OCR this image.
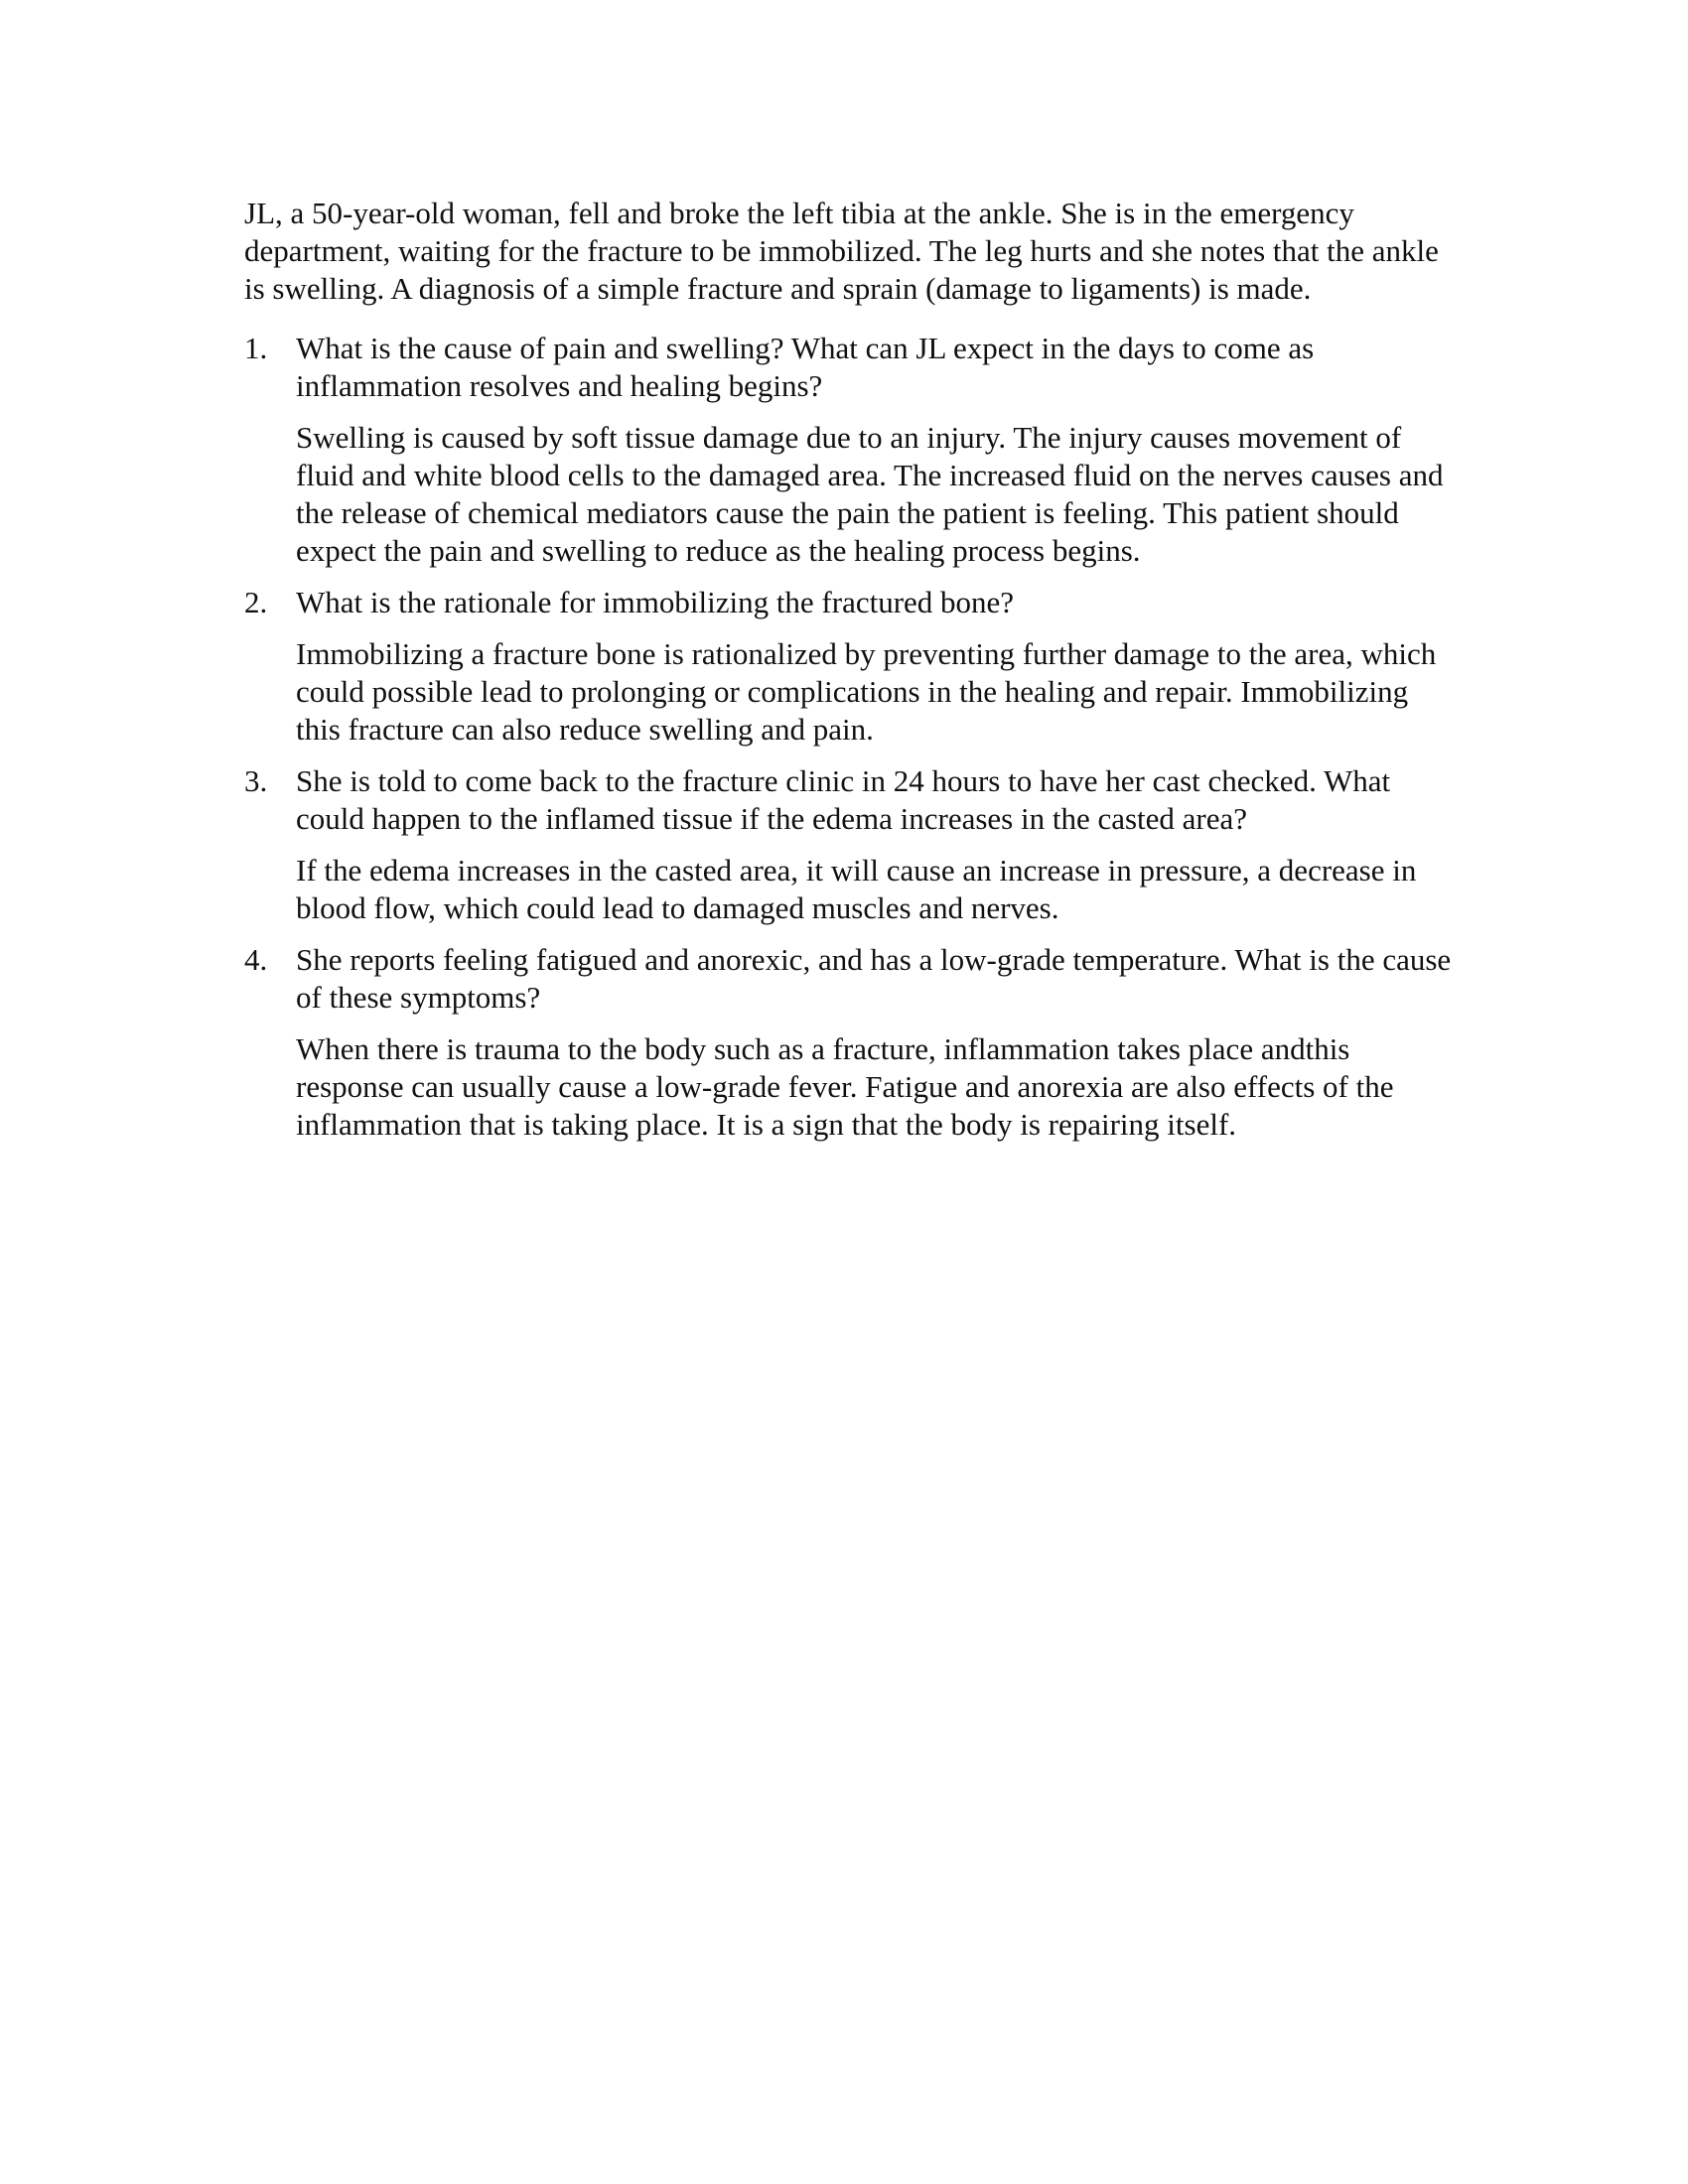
JL, a 50-year-old woman, fell and broke the left tibia at the ankle. She is in the emergency department, waiting for the fracture to be immobilized. The leg hurts and she notes that the ankle is swelling. A diagnosis of a simple fracture and sprain (damage to ligaments) is made.

1. What is the cause of pain and swelling? What can JL expect in the days to come as inflammation resolves and healing begins?

Swelling is caused by soft tissue damage due to an injury. The injury causes movement of fluid and white blood cells to the damaged area. The increased fluid on the nerves causes and the release of chemical mediators cause the pain the patient is feeling. This patient should expect the pain and swelling to reduce as the healing process begins.

2. What is the rationale for immobilizing the fractured bone?

Immobilizing a fracture bone is rationalized by preventing further damage to the area, which could possible lead to prolonging or complications in the healing and repair. Immobilizing this fracture can also reduce swelling and pain.

3. She is told to come back to the fracture clinic in 24 hours to have her cast checked. What could happen to the inflamed tissue if the edema increases in the casted area?

If the edema increases in the casted area, it will cause an increase in pressure, a decrease in blood flow, which could lead to damaged muscles and nerves.

4. She reports feeling fatigued and anorexic, and has a low-grade temperature. What is the cause of these symptoms?

When there is trauma to the body such as a fracture, inflammation takes place andthis response can usually cause a low-grade fever. Fatigue and anorexia are also effects of the inflammation that is taking place. It is a sign that the body is repairing itself.
